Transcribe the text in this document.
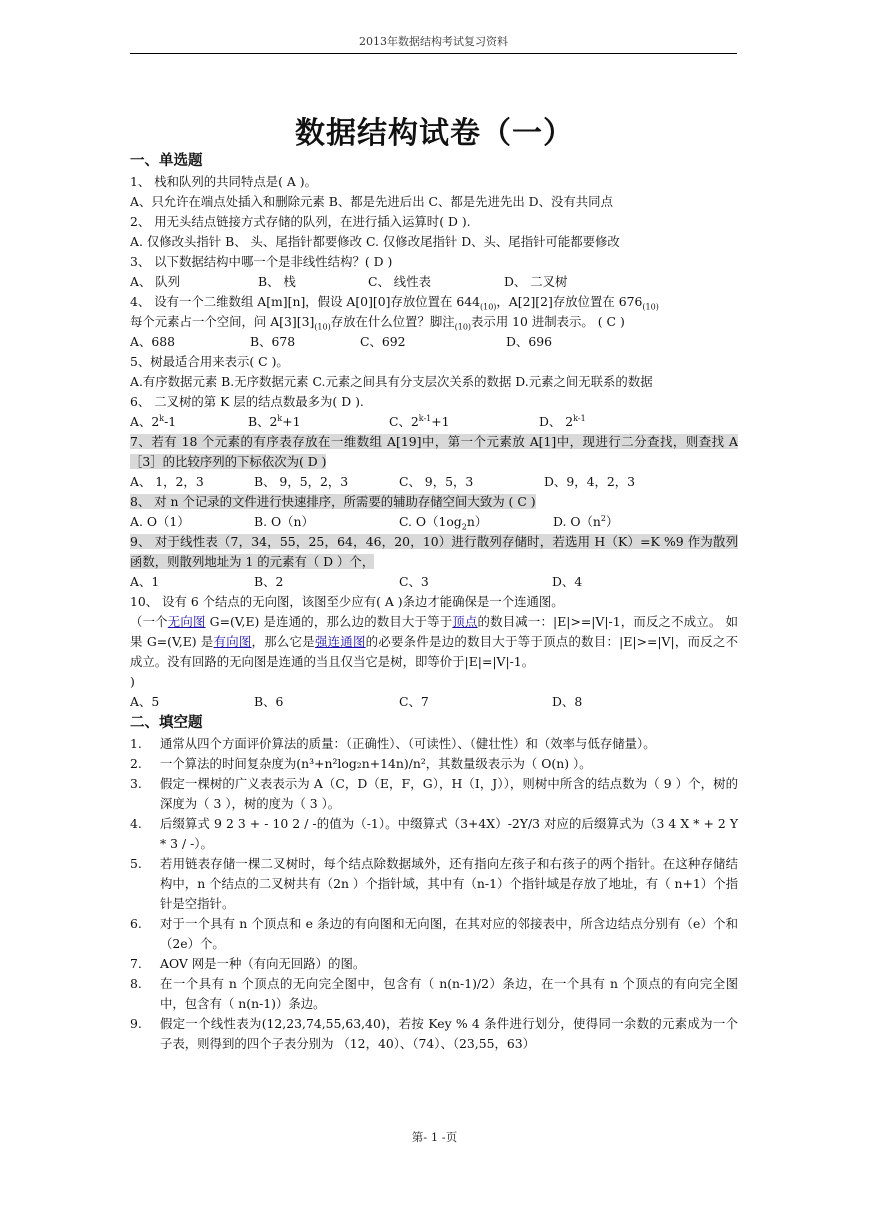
2013年数据结构考试复习资料
数据结构试卷（一）
一、单选题
1、 栈和队列的共同特点是( A )。
A、只允许在端点处插入和删除元素 B、都是先进后出 C、都是先进先出 D、没有共同点
2、 用无头结点链接方式存储的队列，在进行插入运算时( D ).
A. 仅修改头指针 B、 头、尾指针都要修改 C. 仅修改尾指针 D、头、尾指针可能都要修改
3、 以下数据结构中哪一个是非线性结构？( D )
A、 队列	B、 栈	C、 线性表	D、 二叉树
4、 设有一个二维数组 A[m][n]，假设 A[0][0]存放位置在 $644_{(10)}$，A[2][2]存放位置在 $676_{(10)}$
每个元素占一个空间，问 $A[3][3]_{(10)}$存放在什么位置？脚注$_{(10)}$表示用 10 进制表示。 ( C )
A、688	B、678	C、692	D、696
5、树最适合用来表示( C )。
A.有序数据元素 B.无序数据元素 C.元素之间具有分支层次关系的数据 D.元素之间无联系的数据
6、 二叉树的第 K 层的结点数最多为( D ).
A、2$^k$-1	B、$2^k+1$	C、$2^{k-1}+1$	D、 2$^{k-1}$
7、若有 18 个元素的有序表存放在一维数组 A[19]中，第一个元素放 A[1]中，现进行二分查找，则查找 A［3］的比较序列的下标依次为( D )
A、 1，2，3	B、 9，5，2，3	C、 9，5，3	D、9，4，2，3
8、 对 n 个记录的文件进行快速排序，所需要的辅助存储空间大致为 ( C )
A. O（1）	B. O（n）	C. $O(1og_2n)$	D. $O(n^2)$
9、 对于线性表（7，34，55，25，64，46，20，10）进行散列存储时，若选用 H（K）=K %9 作为散列函数，则散列地址为 1 的元素有（ D ）个，
A、1	B、2	C、3	D、4
10、 设有 6 个结点的无向图，该图至少应有( A )条边才能确保是一个连通图。
（一个无向图 G=(V,E) 是连通的，那么边的数目大于等于顶点的数目减一：|E|>=|V|-1，而反之不成立。 如果 G=(V,E) 是有向图，那么它是强连通图的必要条件是边的数目大于等于顶点的数目：|E|>=|V|，而反之不成立。没有回路的无向图是连通的当且仅当它是树，即等价于|E|=|V|-1。
)
A、5	B、6	C、7	D、8
二、填空题
1.	通常从四个方面评价算法的质量：（正确性）、（可读性）、（健壮性）和（效率与低存储量）。
2.	一个算法的时间复杂度为(n³+n²log₂n+14n)/n²，其数量级表示为（ O(n) ）。
3.	假定一棵树的广义表表示为 A（C，D（E，F，G），H（I，J）），则树中所含的结点数为（ 9 ）个，树的深度为（ 3 ），树的度为（ 3 ）。
4.	后缀算式 9 2 3 + - 10 2 / -的值为（-1）。中缀算式（3+4X）-2Y/3 对应的后缀算式为（3 4 X * + 2 Y * 3 / -）。
5.	若用链表存储一棵二叉树时，每个结点除数据域外，还有指向左孩子和右孩子的两个指针。在这种存储结构中，n 个结点的二叉树共有（2n ）个指针域，其中有（n-1）个指针域是存放了地址，有（ n+1）个指针是空指针。
6.	对于一个具有 n 个顶点和 e 条边的有向图和无向图，在其对应的邻接表中，所含边结点分别有（e）个和（2e）个。
7.	AOV 网是一种（有向无回路）的图。
8.	在一个具有 n 个顶点的无向完全图中，包含有（ n(n-1)/2）条边，在一个具有 n 个顶点的有向完全图中，包含有（ n(n-1)）条边。
9.	假定一个线性表为(12,23,74,55,63,40)，若按 Key % 4 条件进行划分，使得同一余数的元素成为一个子表，则得到的四个子表分别为 （12，40）、（74）、（23,55，63）
第- 1 -页
